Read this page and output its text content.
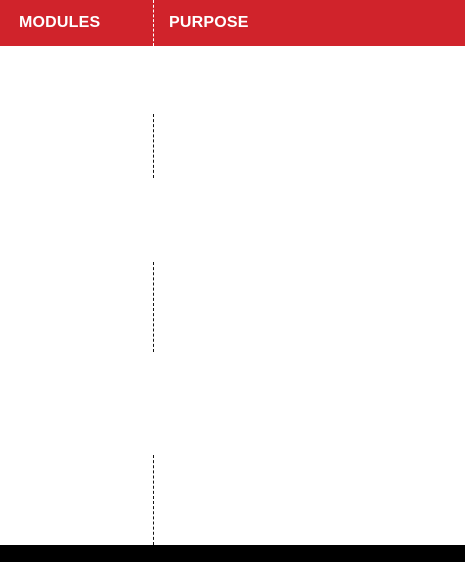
MODULES	PURPOSE
